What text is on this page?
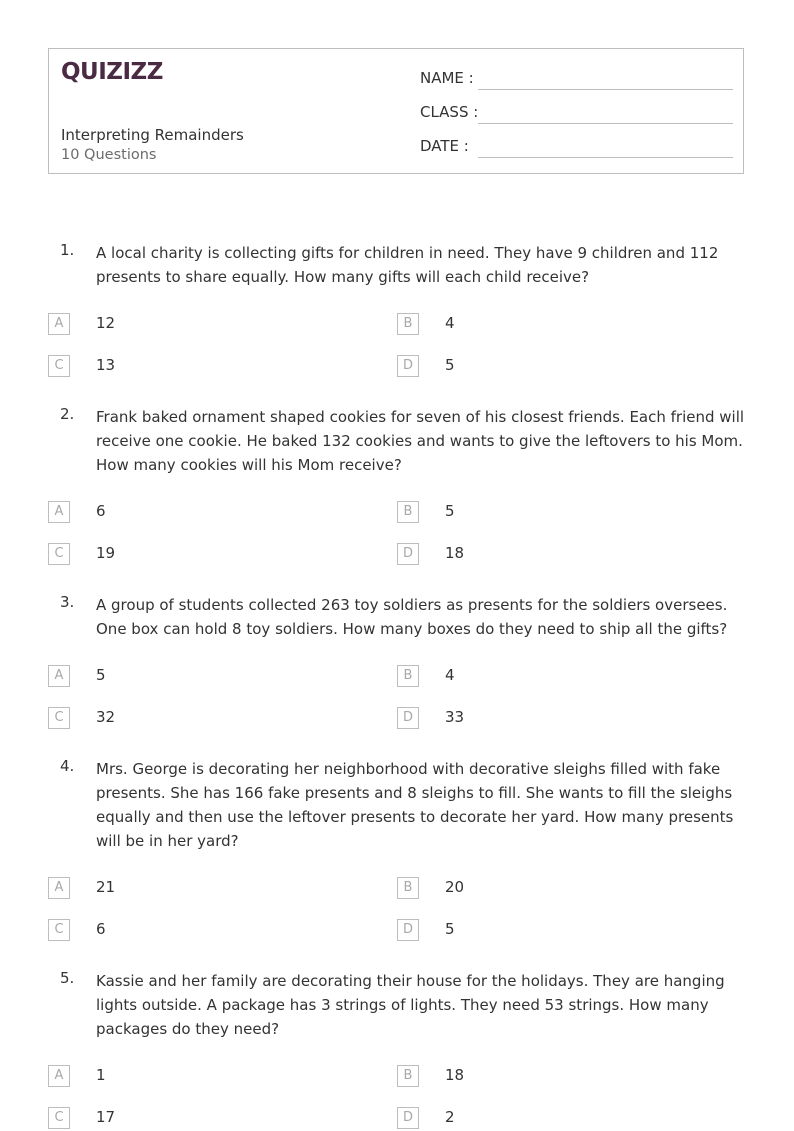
QUIZIZZ
Interpreting Remainders
10 Questions
NAME :
CLASS :
DATE :
1. A local charity is collecting gifts for children in need. They have 9 children and 112 presents to share equally. How many gifts will each child receive?
A	12	B	4
C	13	D	5
2. Frank baked ornament shaped cookies for seven of his closest friends. Each friend will receive one cookie. He baked 132 cookies and wants to give the leftovers to his Mom. How many cookies will his Mom receive?
A	6	B	5
C	19	D	18
3. A group of students collected 263 toy soldiers as presents for the soldiers oversees. One box can hold 8 toy soldiers. How many boxes do they need to ship all the gifts?
A	5	B	4
C	32	D	33
4. Mrs. George is decorating her neighborhood with decorative sleighs filled with fake presents. She has 166 fake presents and 8 sleighs to fill. She wants to fill the sleighs equally and then use the leftover presents to decorate her yard. How many presents will be in her yard?
A	21	B	20
C	6	D	5
5. Kassie and her family are decorating their house for the holidays. They are hanging lights outside. A package has 3 strings of lights. They need 53 strings. How many packages do they need?
A	1	B	18
C	17	D	2
